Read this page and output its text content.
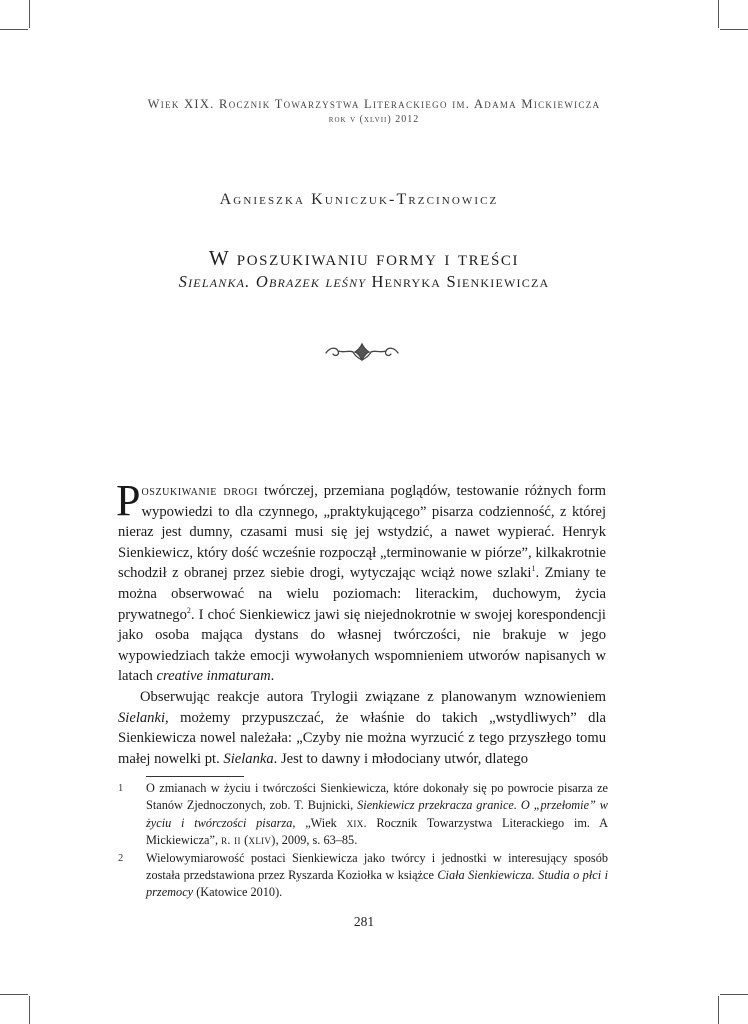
Wiek XIX. Rocznik Towarzystwa Literackiego im. Adama Mickiewicza
rok v (xlvii) 2012
Agnieszka Kuniczuk-Trzcinowicz
W poszukiwaniu formy i treści
Sielanka. Obrazek leśny Henryka Sienkiewicza

Poszukiwanie drogi twórczej, przemiana poglądów, testowanie różnych form wypowiedzi to dla czynnego, „praktykującego” pisarza codzienność, z której nieraz jest dumny, czasami musi się jej wstydzić, a nawet wypierać. Henryk Sienkiewicz, który dość wcześnie rozpoczął „terminowanie w piórze”, kilkakrotnie schodził z obranej przez siebie drogi, wytyczając wciąż nowe szlaki$^1$. Zmiany te można obserwować na wielu poziomach: literackim, duchowym, życia prywatnego$^2$. I choć Sienkiewicz jawi się niejednokrotnie w swojej korespondencji jako osoba mająca dystans do własnej twórczości, nie brakuje w jego wypowiedziach także emocji wywołanych wspomnieniem utworów napisanych w latach creative inmaturam.

Obserwując reakcje autora Trylogii związane z planowanym wznowieniem Sielanki, możemy przypuszczać, że właśnie do takich „wstydliwych” dla Sienkiewicza nowel należała: „Czyby nie można wyrzucić z tego przyszłego tomu małej nowelki pt. Sielanka. Jest to dawny i młodociany utwór, dlatego

1 O zmianach w życiu i twórczości Sienkiewicza, które dokonały się po powrocie pisarza ze Stanów Zjednoczonych, zob. T. Bujnicki, Sienkiewicz przekracza granice. O „przełomie” w życiu i twórczości pisarza, „Wiek xix. Rocznik Towarzystwa Literackiego im. A Mickiewicza”, r. ii (xliv), 2009, s. 63–85.
2 Wielowymiarowość postaci Sienkiewicza jako twórcy i jednostki w interesujący sposób została przedstawiona przez Ryszarda Koziołka w książce Ciała Sienkiewicza. Studia o płci i przemocy (Katowice 2010).
281
